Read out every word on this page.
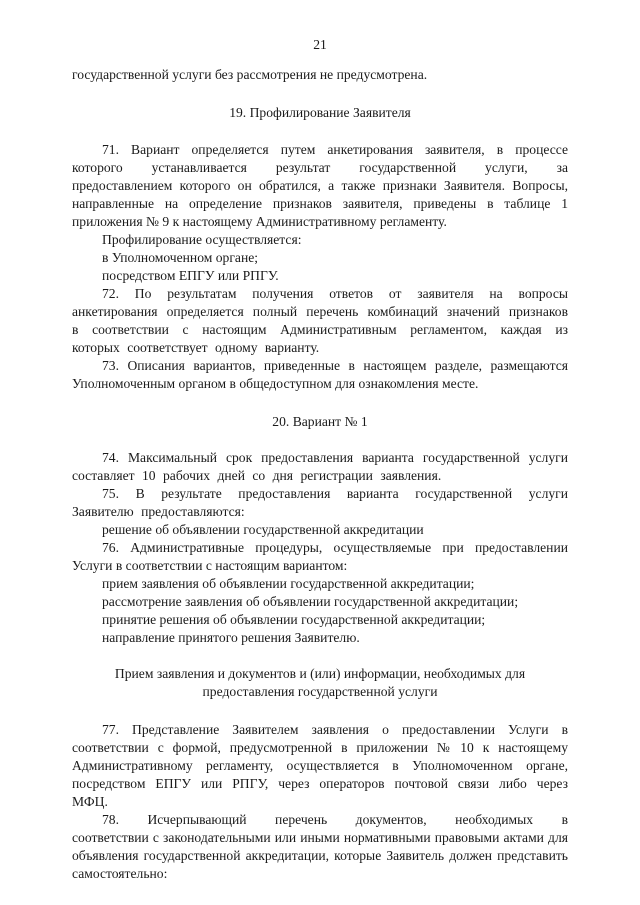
21

государственной услуги без рассмотрения не предусмотрена.

19. Профилирование Заявителя

71. Вариант определяется путем анкетирования заявителя, в процессе

которого устанавливается результат государственной услуги, за

предоставлением которого он обратился, а также признаки Заявителя. Вопросы, направленные на определение признаков заявителя, приведены в таблице 1 приложения № 9 к настоящему Административному регламенту.

Профилирование осуществляется:

в Уполномоченном органе;

посредством ЕПГУ или РПГУ.

72. По результатам получения ответов от заявителя на вопросы анкетирования определяется полный перечень комбинаций значений признаков в соответствии с настоящим Административным регламентом, каждая из которых соответствует одному варианту.

73. Описания вариантов, приведенные в настоящем разделе, размещаются Уполномоченным органом в общедоступном для ознакомления месте.

20. Вариант № 1

74. Максимальный срок предоставления варианта государственной услуги составляет 10 рабочих дней со дня регистрации заявления.

75. В результате предоставления варианта государственной услуги Заявителю предоставляются:

решение об объявлении государственной аккредитации

76. Административные процедуры, осуществляемые при предоставлении Услуги в соответствии с настоящим вариантом:

прием заявления об объявлении государственной аккредитации;

рассмотрение заявления об объявлении государственной аккредитации;

принятие решения об объявлении государственной аккредитации;

направление принятого решения Заявителю.

Прием заявления и документов и (или) информации, необходимых для

предоставления государственной услуги

77. Представление Заявителем заявления о предоставлении Услуги в соответствии с формой, предусмотренной в приложении № 10 к настоящему Административному регламенту, осуществляется в Уполномоченном органе, посредством ЕПГУ или РПГУ, через операторов почтовой связи либо через МФЦ.

78. Исчерпывающий перечень документов, необходимых в

соответствии с законодательными или иными нормативными правовыми актами для объявления государственной аккредитации, которые Заявитель должен представить самостоятельно:
